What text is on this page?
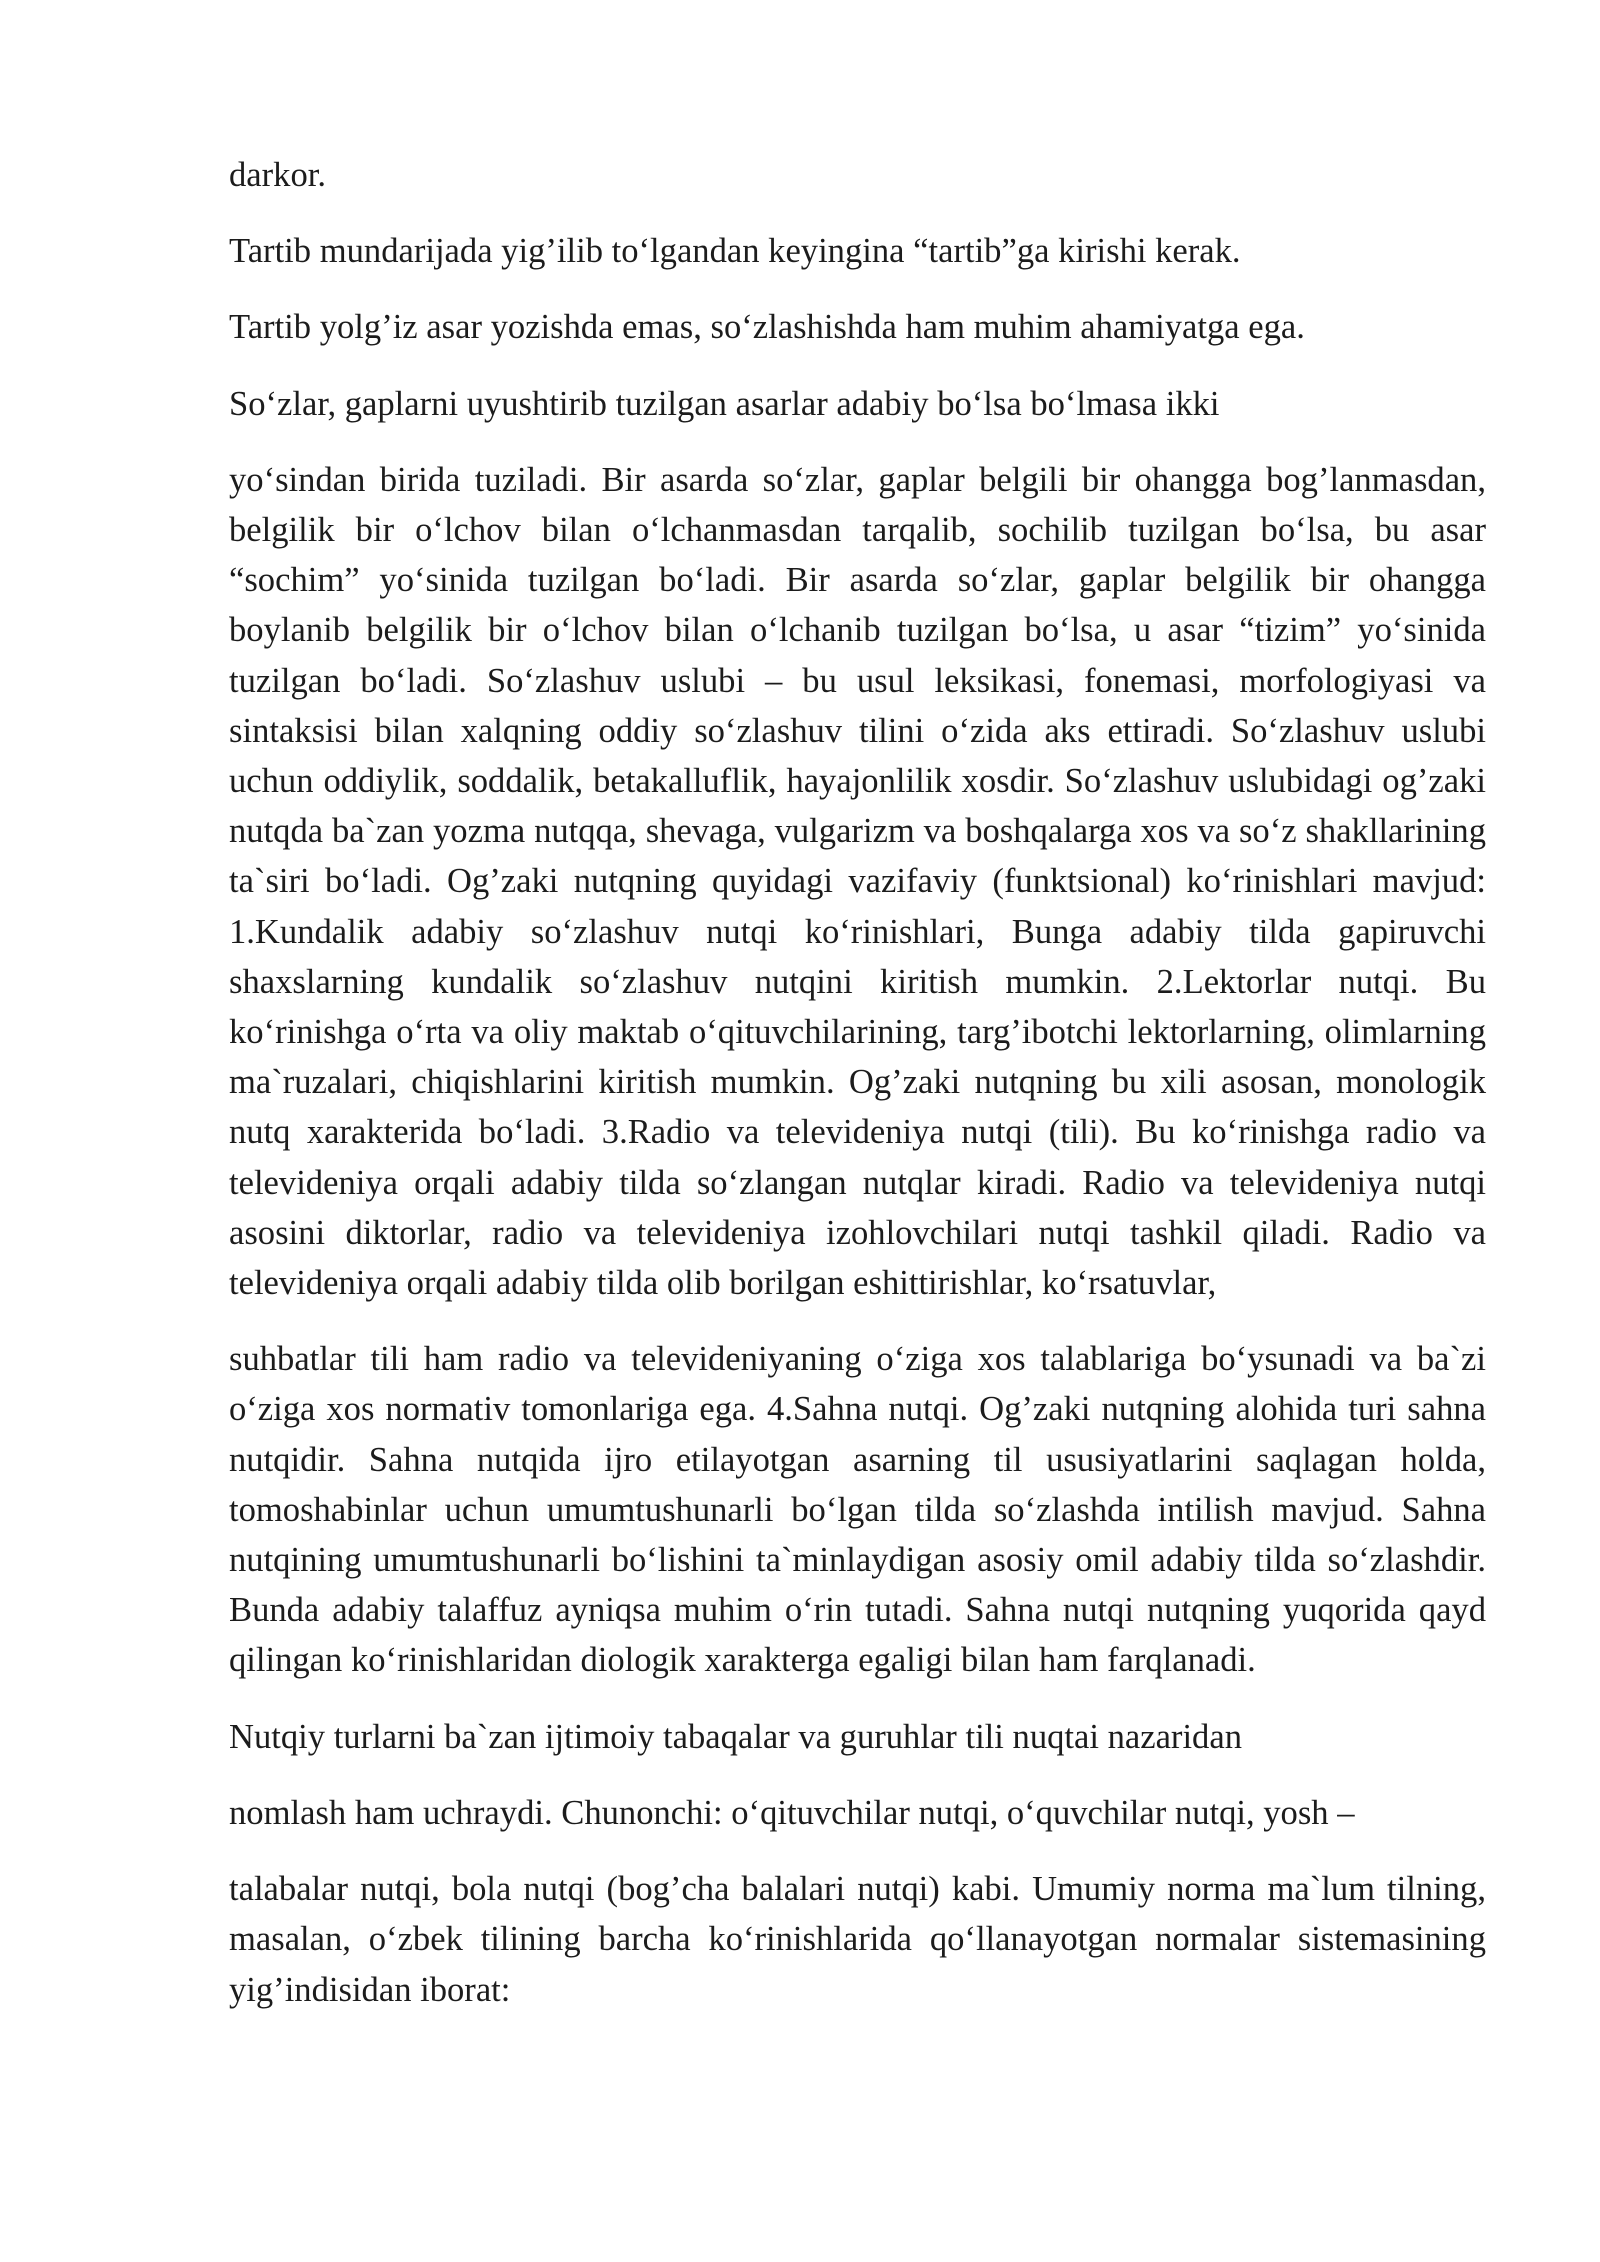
darkor.

Tartib mundarijada yig’ilib to‘lgandan keyingina “tartib”ga kirishi kerak.

Tartib yolg’iz asar yozishda emas, so‘zlashishda ham muhim ahamiyatga ega.

So‘zlar, gaplarni uyushtirib tuzilgan asarlar adabiy bo‘lsa bo‘lmasa ikki

yo‘sindan birida tuziladi. Bir asarda so‘zlar, gaplar belgili bir ohangga bog’lanmasdan, belgilik bir o‘lchov bilan o‘lchanmasdan tarqalib, sochilib tuzilgan bo‘lsa, bu asar “sochim” yo‘sinida tuzilgan bo‘ladi. Bir asarda so‘zlar, gaplar belgilik bir ohangga boylanib belgilik bir o‘lchov bilan o‘lchanib tuzilgan bo‘lsa, u asar “tizim” yo‘sinida tuzilgan bo‘ladi. So‘zlashuv uslubi – bu usul leksikasi, fonemasi, morfologiyasi va sintaksisi bilan xalqning oddiy so‘zlashuv tilini o‘zida aks ettiradi. So‘zlashuv uslubi uchun oddiylik, soddalik, betakalluflik, hayajonlilik xosdir. So‘zlashuv uslubidagi og’zaki nutqda ba`zan yozma nutqqa, shevaga, vulgarizm va boshqalarga xos va so‘z shakllarining ta`siri bo‘ladi. Og’zaki nutqning quyidagi vazifaviy (funktsional) ko‘rinishlari mavjud: 1.Kundalik adabiy so‘zlashuv nutqi ko‘rinishlari, Bunga adabiy tilda gapiruvchi shaxslarning kundalik so‘zlashuv nutqini kiritish mumkin. 2.Lektorlar nutqi. Bu ko‘rinishga o‘rta va oliy maktab o‘qituvchilarining, targ’ibotchi lektorlarning, olimlarning ma`ruzalari, chiqishlarini kiritish mumkin. Og’zaki nutqning bu xili asosan, monologik nutq xarakterida bo‘ladi. 3.Radio va televideniya nutqi (tili). Bu ko‘rinishga radio va televideniya orqali adabiy tilda so‘zlangan nutqlar kiradi. Radio va televideniya nutqi asosini diktorlar, radio va televideniya izohlovchilari nutqi tashkil qiladi. Radio va televideniya orqali adabiy tilda olib borilgan eshittirishlar, ko‘rsatuvlar,

suhbatlar tili ham radio va televideniyaning o‘ziga xos talablariga bo‘ysunadi va ba`zi o‘ziga xos normativ tomonlariga ega. 4.Sahna nutqi. Og’zaki nutqning alohida turi sahna nutqidir. Sahna nutqida ijro etilayotgan asarning til ususiyatlarini saqlagan holda, tomoshabinlar uchun umumtushunarli bo‘lgan tilda so‘zlashda intilish mavjud. Sahna nutqining umumtushunarli bo‘lishini ta`minlaydigan asosiy omil adabiy tilda so‘zlashdir. Bunda adabiy talaffuz ayniqsa muhim o‘rin tutadi. Sahna nutqi nutqning yuqorida qayd qilingan ko‘rinishlaridan diologik xarakterga egaligi bilan ham farqlanadi.

Nutqiy turlarni ba`zan ijtimoiy tabaqalar va guruhlar tili nuqtai nazaridan

nomlash ham uchraydi. Chunonchi: o‘qituvchilar nutqi, o‘quvchilar nutqi, yosh –

talabalar nutqi, bola nutqi (bog’cha balalari nutqi) kabi. Umumiy norma ma`lum tilning, masalan, o‘zbek tilining barcha ko‘rinishlarida qo‘llanayotgan normalar sistemasining yig’indisidan iborat:
